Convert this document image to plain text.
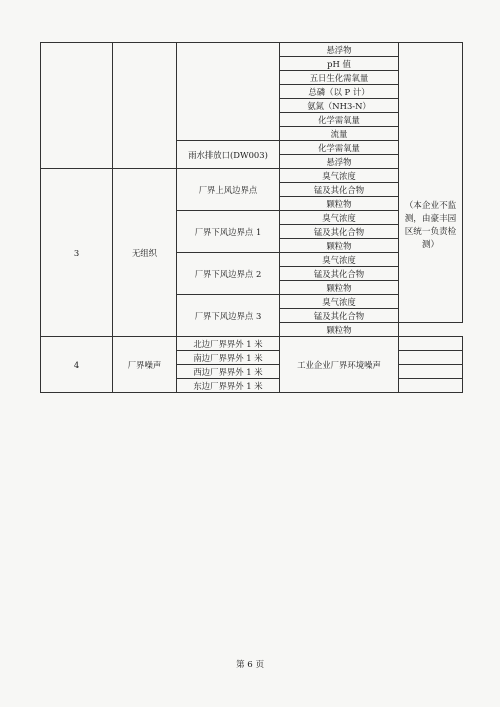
			悬浮物	（本企业不监测，由豪丰园区统一负责检测）

			pH 值	
			五日生化需氧量	
			总磷（以 P 计）	
			氨氮（NH3-N）	
			化学需氧量	
			流量	
		雨水排放口(DW003)	化学需氧量	
			悬浮物	
3	无组织	厂界上风边界点	臭气浓度	
			锰及其化合物	
			颗粒物	
		厂界下风边界点 1	臭气浓度	
			锰及其化合物	
			颗粒物	
		厂界下风边界点 2	臭气浓度	
			锰及其化合物	
			颗粒物	
		厂界下风边界点 3	臭气浓度	
			锰及其化合物	
			颗粒物	
4	厂界噪声	北边厂界界外 1 米	工业企业厂界环境噪声	
		南边厂界界外 1 米		
		西边厂界界外 1 米		
		东边厂界界外 1 米		
第 6 页
